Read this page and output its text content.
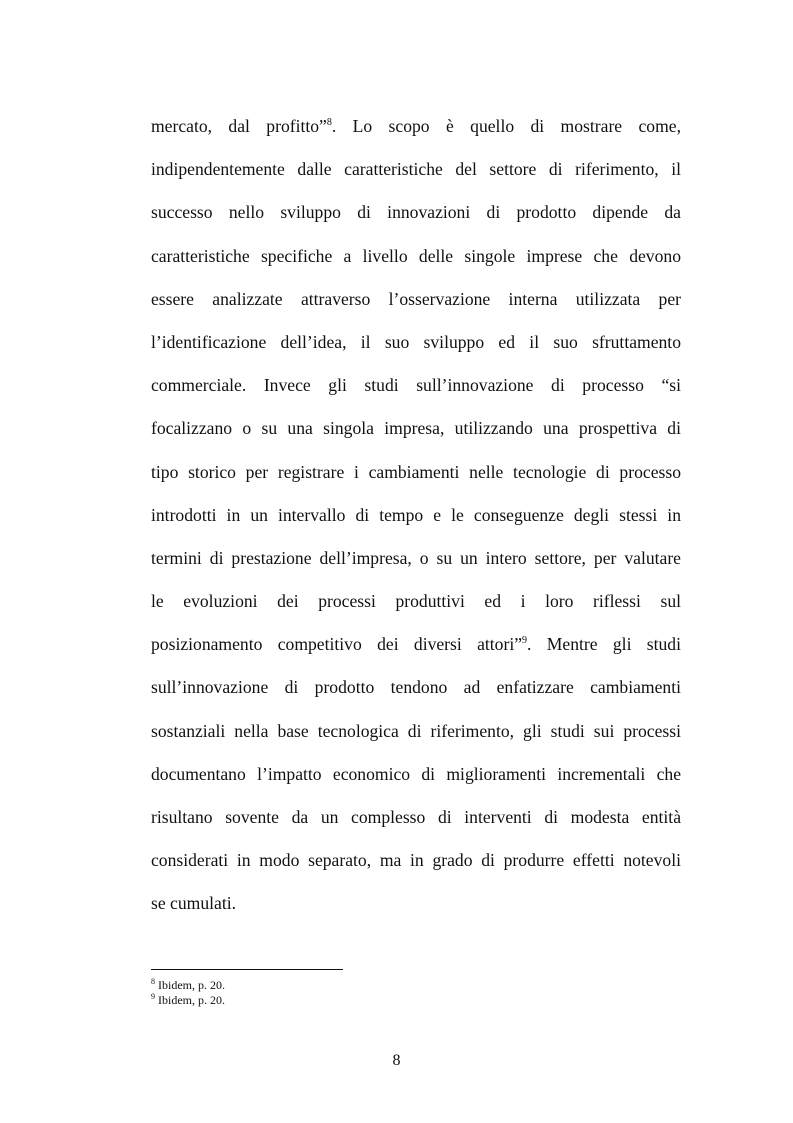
mercato, dal profitto”$^8$. Lo scopo è quello di mostrare come,
indipendentemente dalle caratteristiche del settore di riferimento, il
successo nello sviluppo di innovazioni di prodotto dipende da
caratteristiche specifiche a livello delle singole imprese che devono
essere analizzate attraverso l’osservazione interna utilizzata per
l’identificazione dell’idea, il suo sviluppo ed il suo sfruttamento
commerciale. Invece gli studi sull’innovazione di processo “si
focalizzano o su una singola impresa, utilizzando una prospettiva di
tipo storico per registrare i cambiamenti nelle tecnologie di processo
introdotti in un intervallo di tempo e le conseguenze degli stessi in
termini di prestazione dell’impresa, o su un intero settore, per valutare
le evoluzioni dei processi produttivi ed i loro riflessi sul
posizionamento competitivo dei diversi attori”$^9$. Mentre gli studi
sull’innovazione di prodotto tendono ad enfatizzare cambiamenti
sostanziali nella base tecnologica di riferimento, gli studi sui processi
documentano l’impatto economico di miglioramenti incrementali che
risultano sovente da un complesso di interventi di modesta entità
considerati in modo separato, ma in grado di produrre effetti notevoli
se cumulati.
$^8$ Ibidem, p. 20.
$^9$ Ibidem, p. 20.
8
